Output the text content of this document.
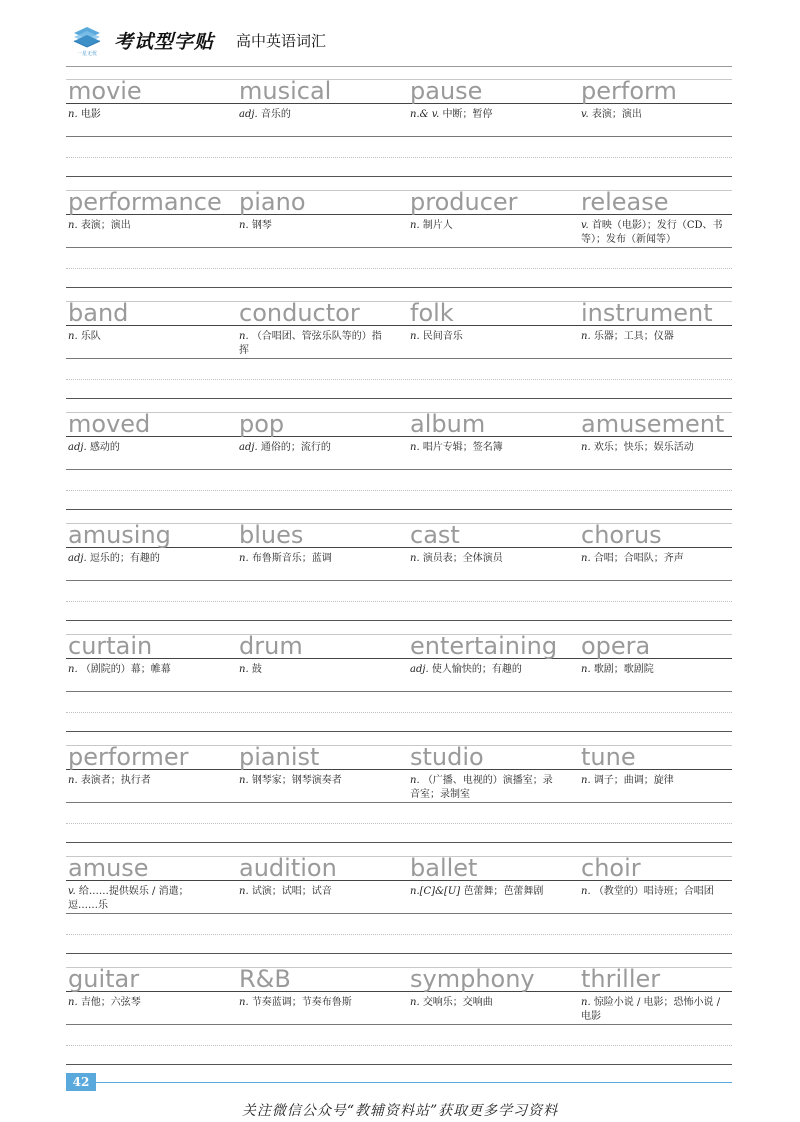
一星无忧
考试型字贴 高中英语词汇
movie
n. 电影
musical
adj. 音乐的
pause
n.& v. 中断；暂停
perform
v. 表演；演出
performance
n. 表演；演出
piano
n. 钢琴
producer
n. 制片人
release
v. 首映（电影）；发行（CD、书等）；发布（新闻等）
band
n. 乐队
conductor
n. （合唱团、管弦乐队等的）指挥
folk
n. 民间音乐
instrument
n. 乐器；工具；仪器
moved
adj. 感动的
pop
adj. 通俗的；流行的
album
n. 唱片专辑；签名簿
amusement
n. 欢乐；快乐；娱乐活动
amusing
adj. 逗乐的；有趣的
blues
n. 布鲁斯音乐；蓝调
cast
n. 演员表；全体演员
chorus
n. 合唱；合唱队；齐声
curtain
n. （剧院的）幕；帷幕
drum
n. 鼓
entertaining
adj. 使人愉快的；有趣的
opera
n. 歌剧；歌剧院
performer
n. 表演者；执行者
pianist
n. 钢琴家；钢琴演奏者
studio
n. （广播、电视的）演播室；录音室；录制室
tune
n. 调子；曲调；旋律
amuse
v. 给……提供娱乐 / 消遣；逗……乐
audition
n. 试演；试唱；试音
ballet
n.[C]&[U] 芭蕾舞；芭蕾舞剧
choir
n. （教堂的）唱诗班；合唱团
guitar
n. 吉他；六弦琴
R&B
n. 节奏蓝调；节奏布鲁斯
symphony
n. 交响乐；交响曲
thriller
n. 惊险小说 / 电影；恐怖小说 / 电影
42
关注微信公众号“教辅资料站”获取更多学习资料
